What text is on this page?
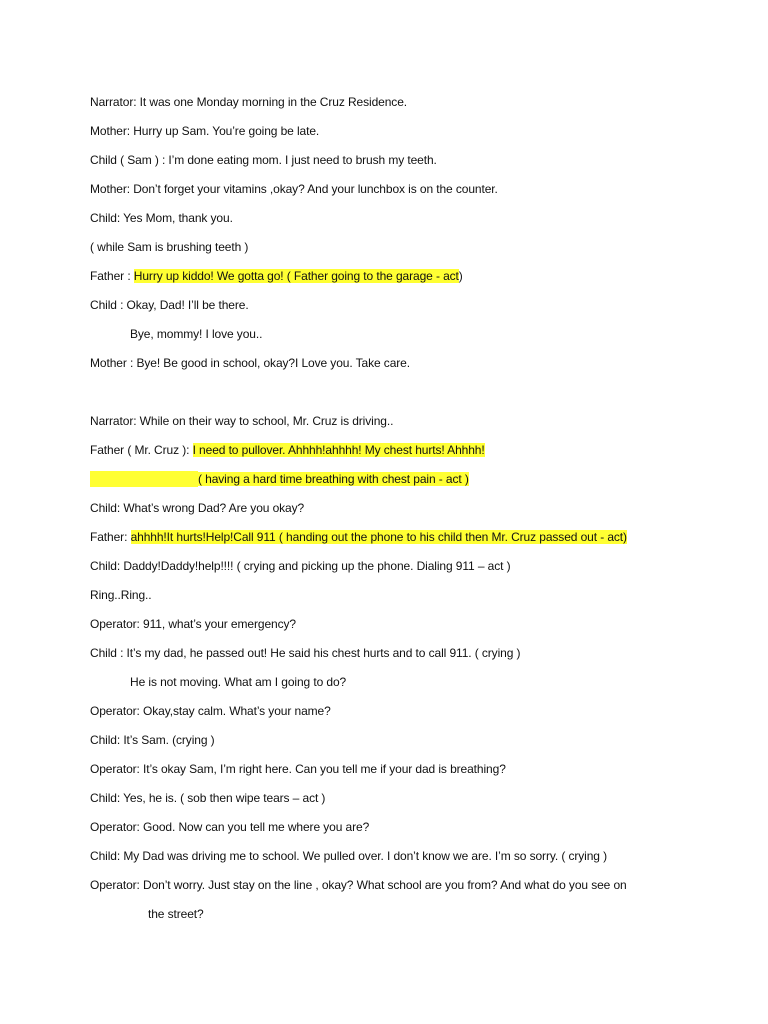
Narrator: It was one Monday morning in the Cruz Residence.
Mother: Hurry up Sam. You’re going be late.
Child ( Sam ) : I’m done eating mom. I just need to brush my teeth.
Mother: Don’t forget your vitamins ,okay? And your lunchbox is on the counter.
Child: Yes Mom, thank you.
( while Sam is brushing teeth )
Father : Hurry up kiddo! We gotta go! ( Father going to the garage - act)
Child : Okay, Dad! I’ll be there.
Bye, mommy! I love you..
Mother : Bye! Be good in school, okay?I Love you. Take care.
Narrator: While on their way to school, Mr. Cruz is driving..
Father ( Mr. Cruz ): I need to pullover. Ahhhh!ahhhh! My chest hurts! Ahhhh!
( having a hard time breathing with chest pain - act )
Child: What’s wrong Dad? Are you okay?
Father: ahhhh!It hurts!Help!Call 911 ( handing out the phone to his child then Mr. Cruz passed out - act)
Child: Daddy!Daddy!help!!!! ( crying and picking up the phone. Dialing 911 – act )
Ring..Ring..
Operator: 911, what’s your emergency?
Child : It’s my dad, he passed out! He said his chest hurts and to call 911. ( crying )
He is not moving. What am I going to do?
Operator: Okay,stay calm. What’s your name?
Child: It’s Sam. (crying )
Operator: It’s okay Sam, I’m right here. Can you tell me if your dad is breathing?
Child: Yes, he is. ( sob then wipe tears – act )
Operator: Good. Now can you tell me where you are?
Child: My Dad was driving me to school. We pulled over. I don’t know we are. I’m so sorry. ( crying )
Operator: Don’t worry. Just stay on the line , okay? What school are you from? And what do you see on
the street?
